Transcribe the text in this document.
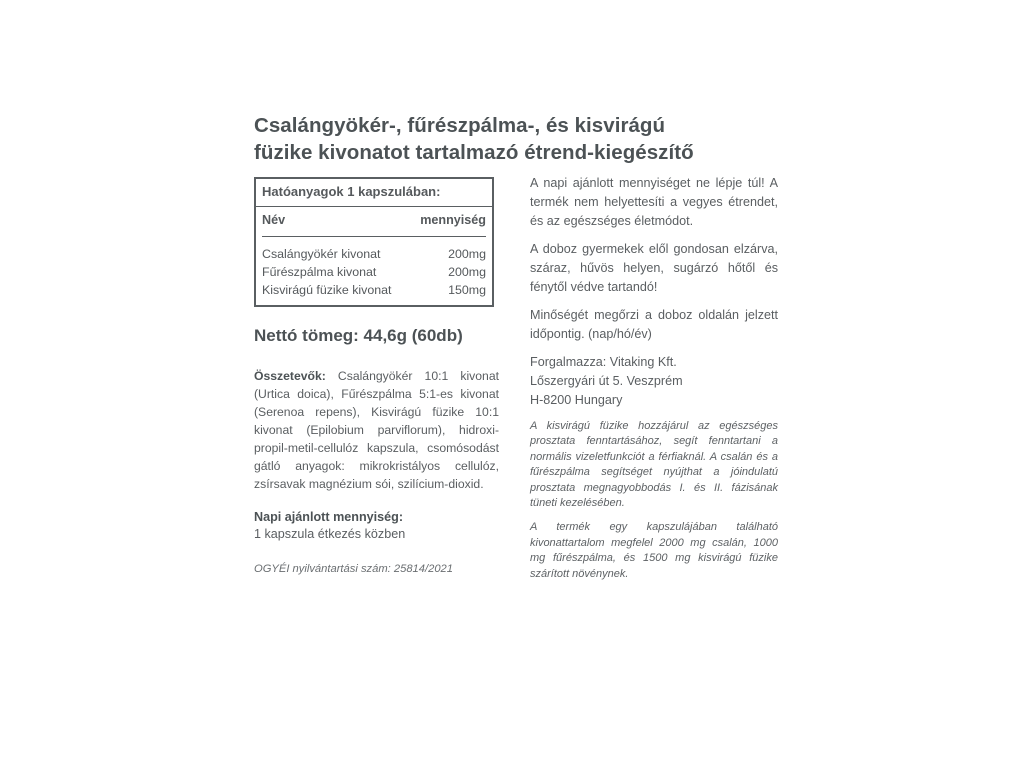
Csalángyökér-, fűrészpálma-, és kisvirágú
füzike kivonatot tartalmazó étrend-kiegészítő
Hatóanyagok 1 kapszulában:
Név	mennyiség
Csalángyökér kivonat	200mg
Fűrészpálma kivonat	200mg
Kisvirágú füzike kivonat	150mg
Nettó tömeg: 44,6g (60db)
Összetevők: Csalángyökér 10:1 kivonat (Urtica doica), Fűrészpálma 5:1-es kivonat (Serenoa repens), Kisvirágú füzike 10:1 kivonat (Epilobium parviflorum), hidroxi-propil-metil-cellulóz kapszula, csomósodást gátló anyagok: mikrokristályos cellulóz, zsírsavak magnézium sói, szilícium-dioxid.
Napi ajánlott mennyiség:
1 kapszula étkezés közben
OGYÉI nyilvántartási szám: 25814/2021
A napi ajánlott mennyiséget ne lépje túl! A termék nem helyettesíti a vegyes étrendet, és az egészséges életmódot.
A doboz gyermekek elől gondosan elzárva, száraz, hűvös helyen, sugárzó hőtől és fénytől védve tartandó!
Minőségét megőrzi a doboz oldalán jelzett időpontig. (nap/hó/év)
Forgalmazza: Vitaking Kft.
Lőszergyári út 5. Veszprém
H-8200 Hungary
A kisvirágú füzike hozzájárul az egészséges prosztata fenntartásához, segít fenntartani a normális vizeletfunkciót a férfiaknál. A csalán és a fűrészpálma segítséget nyújthat a jóindulatú prosztata megnagyobbodás I. és II. fázisának tüneti kezelésében.
A termék egy kapszulájában található kivonattartalom megfelel 2000 mg csalán, 1000 mg fűrészpálma, és 1500 mg kisvirágú füzike szárított növénynek.
